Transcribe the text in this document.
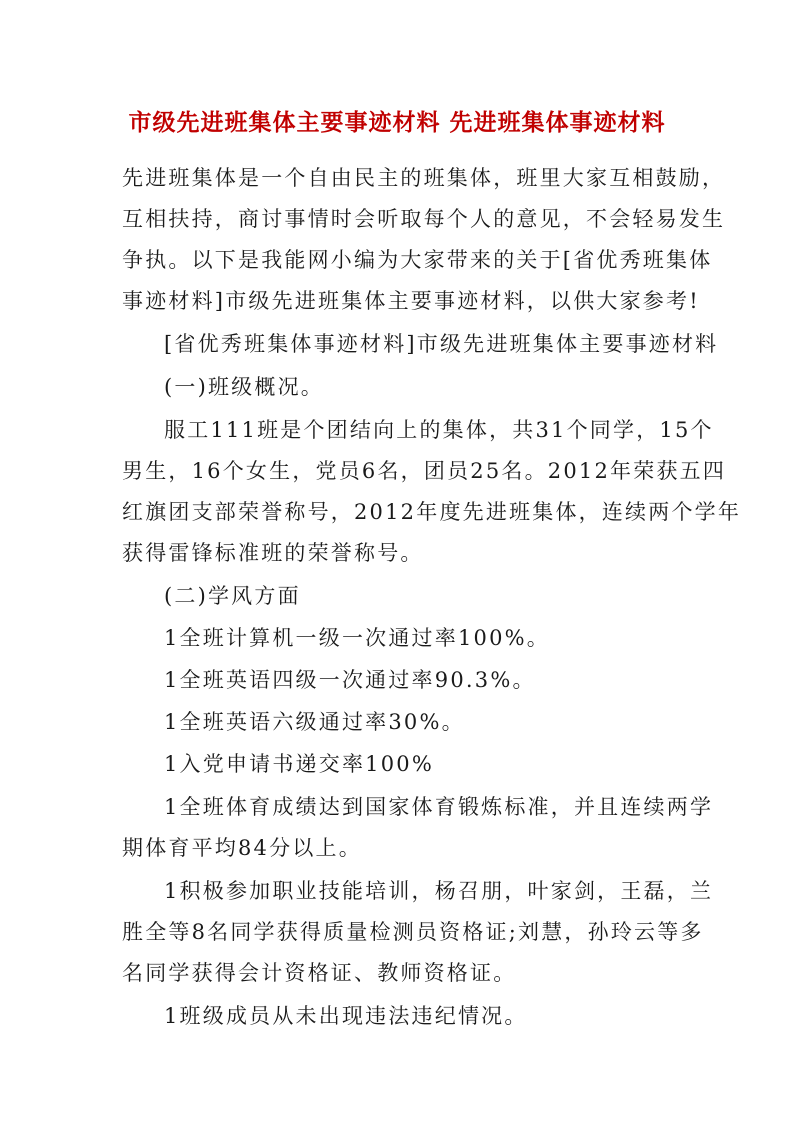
市级先进班集体主要事迹材料 先进班集体事迹材料
先进班集体是一个自由民主的班集体，班里大家互相鼓励，
互相扶持，商讨事情时会听取每个人的意见，不会轻易发生
争执。以下是我能网小编为大家带来的关于[省优秀班集体
事迹材料]市级先进班集体主要事迹材料，以供大家参考!
[省优秀班集体事迹材料]市级先进班集体主要事迹材料
(一)班级概况。
服工111班是个团结向上的集体，共31个同学，15个
男生，16个女生，党员6名，团员25名。2012年荣获五四
红旗团支部荣誉称号，2012年度先进班集体，连续两个学年
获得雷锋标准班的荣誉称号。
(二)学风方面
1全班计算机一级一次通过率100%。
1全班英语四级一次通过率90.3%。
1全班英语六级通过率30%。
1入党申请书递交率100%
1全班体育成绩达到国家体育锻炼标准，并且连续两学
期体育平均84分以上。
1积极参加职业技能培训，杨召朋，叶家剑，王磊，兰
胜全等8名同学获得质量检测员资格证;刘慧，孙玲云等多
名同学获得会计资格证、教师资格证。
1班级成员从未出现违法违纪情况。
